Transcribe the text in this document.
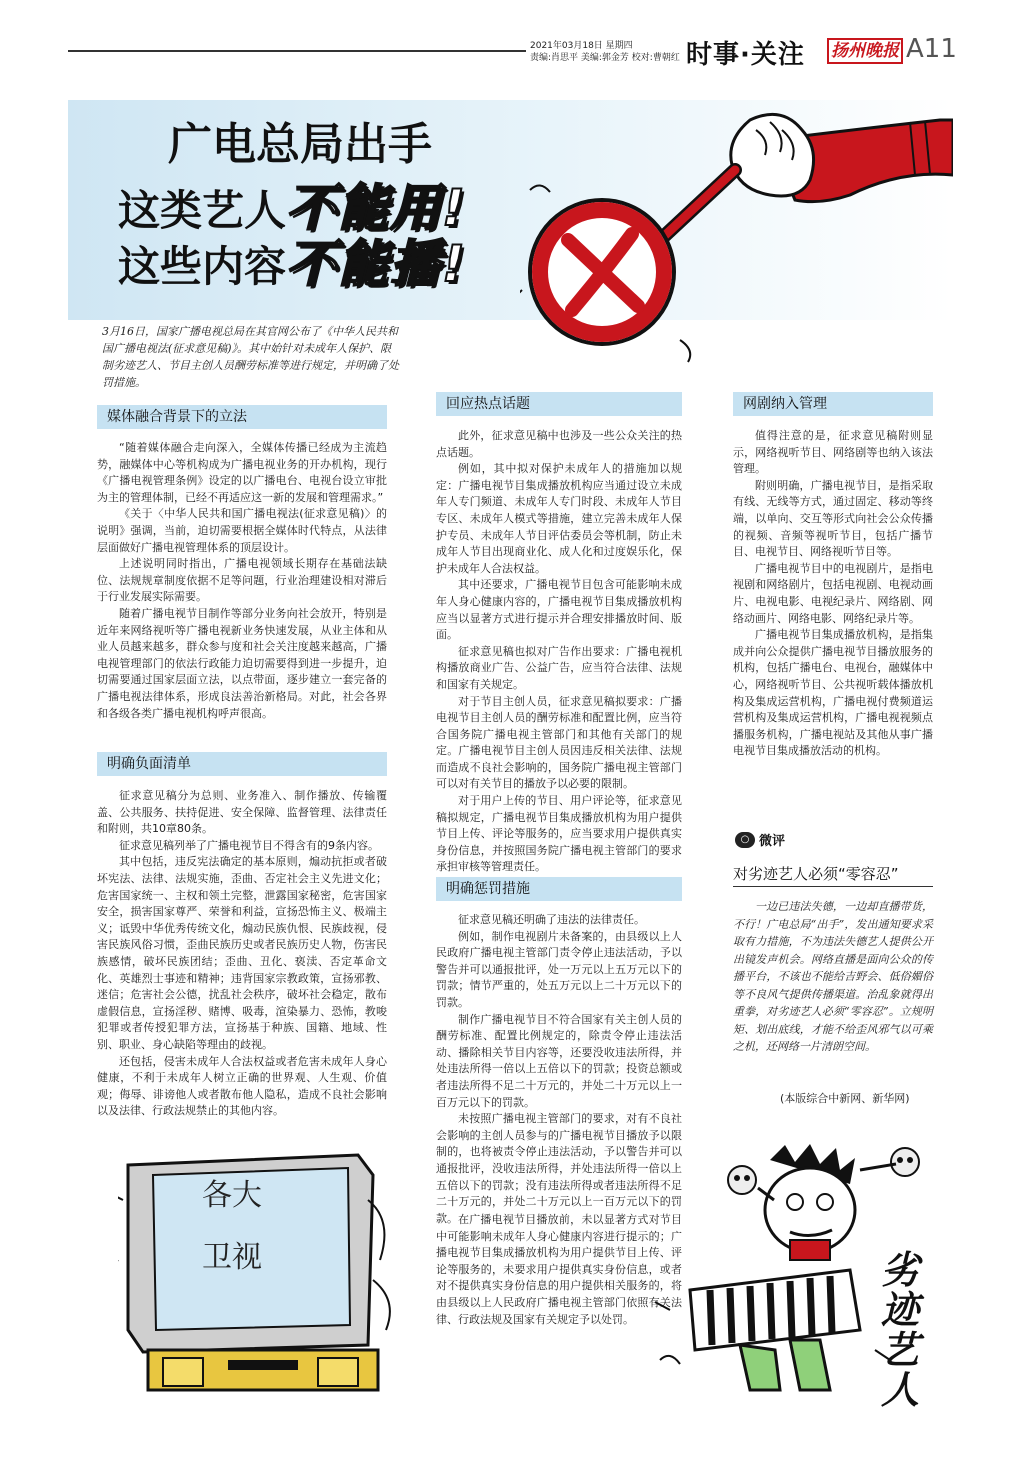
2021年03月18日 星期四
责编:肖思平 美编:郭金芳 校对:曹朝红 时事·关注 扬州晚报 A11
广电总局出手
这类艺人不能用!
这些内容不能播!
3月16日，国家广播电视总局在其官网公布了《中华人民共和国广播电视法(征求意见稿)》。其中始针对未成年人保护、限制劣迹艺人、节目主创人员酬劳标准等进行规定，并明确了处罚措施。
媒体融合背景下的立法

“随着媒体融合走向深入，全媒体传播已经成为主流趋势，融媒体中心等机构成为广播电视业务的开办机构，现行《广播电视管理条例》设定的以广播电台、电视台设立审批为主的管理体制，已经不再适应这一新的发展和管理需求。”

《关于〈中华人民共和国广播电视法(征求意见稿)〉的说明》强调，当前，迫切需要根据全媒体时代特点，从法律层面做好广播电视管理体系的顶层设计。

上述说明同时指出，广播电视领域长期存在基础法缺位、法规规章制度依据不足等问题，行业治理建设相对滞后于行业发展实际需要。

随着广播电视节目制作等部分业务向社会放开，特别是近年来网络视听等广播电视新业务快速发展，从业主体和从业人员越来越多，群众参与度和社会关注度越来越高，广播电视管理部门的依法行政能力迫切需要得到进一步提升，迫切需要通过国家层面立法，以点带面，逐步建立一套完备的广播电视法律体系，形成良法善治新格局。对此，社会各界和各级各类广播电视机构呼声很高。

明确负面清单

征求意见稿分为总则、业务准入、制作播放、传输覆盖、公共服务、扶持促进、安全保障、监督管理、法律责任和附则，共10章80条。

征求意见稿列举了广播电视节目不得含有的9条内容。

其中包括，违反宪法确定的基本原则，煽动抗拒或者破坏宪法、法律、法规实施，歪曲、否定社会主义先进文化；危害国家统一、主权和领土完整，泄露国家秘密，危害国家安全，损害国家尊严、荣誉和利益，宣扬恐怖主义、极端主义；诋毁中华优秀传统文化，煽动民族仇恨、民族歧视，侵害民族风俗习惯，歪曲民族历史或者民族历史人物，伤害民族感情，破坏民族团结；歪曲、丑化、亵渎、否定革命文化、英雄烈士事迹和精神；违背国家宗教政策，宣扬邪教、迷信；危害社会公德，扰乱社会秩序，破坏社会稳定，散布虚假信息，宣扬淫秽、赌博、吸毒，渲染暴力、恐怖，教唆犯罪或者传授犯罪方法，宣扬基于种族、国籍、地域、性别、职业、身心缺陷等理由的歧视。

还包括，侵害未成年人合法权益或者危害未成年人身心健康，不利于未成年人树立正确的世界观、人生观、价值观；侮辱、诽谤他人或者散布他人隐私，造成不良社会影响以及法律、行政法规禁止的其他内容。

回应热点话题

此外，征求意见稿中也涉及一些公众关注的热点话题。

例如，其中拟对保护未成年人的措施加以规定：广播电视节目集成播放机构应当通过设立未成年人专门频道、未成年人专门时段、未成年人节目专区、未成年人模式等措施，建立完善未成年人保护专员、未成年人节目评估委员会等机制，防止未成年人节目出现商业化、成人化和过度娱乐化，保护未成年人合法权益。

其中还要求，广播电视节目包含可能影响未成年人身心健康内容的，广播电视节目集成播放机构应当以显著方式进行提示并合理安排播放时间、版面。

征求意见稿也拟对广告作出要求：广播电视机构播放商业广告、公益广告，应当符合法律、法规和国家有关规定。

对于节目主创人员，征求意见稿拟要求：广播电视节目主创人员的酬劳标准和配置比例，应当符合国务院广播电视主管部门和其他有关部门的规定。广播电视节目主创人员因违反相关法律、法规而造成不良社会影响的，国务院广播电视主管部门可以对有关节目的播放予以必要的限制。

对于用户上传的节目、用户评论等，征求意见稿拟规定，广播电视节目集成播放机构为用户提供节目上传、评论等服务的，应当要求用户提供真实身份信息，并按照国务院广播电视主管部门的要求承担审核等管理责任。

明确惩罚措施

征求意见稿还明确了违法的法律责任。

例如，制作电视剧片未备案的，由县级以上人民政府广播电视主管部门责令停止违法活动，予以警告并可以通报批评，处一万元以上五万元以下的罚款；情节严重的，处五万元以上二十万元以下的罚款。

制作广播电视节目不符合国家有关主创人员的酬劳标准、配置比例规定的，除责令停止违法活动、播除相关节目内容等，还要没收违法所得，并处违法所得一倍以上五倍以下的罚款；投资总额或者违法所得不足二十万元的，并处二十万元以上一百万元以下的罚款。

未按照广播电视主管部门的要求，对有不良社会影响的主创人员参与的广播电视节目播放予以限制的，也将被责令停止违法活动，予以警告并可以通报批评，没收违法所得，并处违法所得一倍以上五倍以下的罚款；没有违法所得或者违法所得不足二十万元的，并处二十万元以上一百万元以下的罚款。 在广播电视节目播放前，未以显著方式对节目中可能影响未成年人身心健康内容进行提示的；广播电视节目集成播放机构为用户提供节目上传、评论等服务的，未要求用户提供真实身份信息，或者对不提供真实身份信息的用户提供相关服务的，将由县级以上人民政府广播电视主管部门依照有关法律、行政法规及国家有关规定予以处罚。

网剧纳入管理

值得注意的是，征求意见稿附则显示，网络视听节目、网络剧等也纳入该法管理。

附则明确，广播电视节目，是指采取有线、无线等方式，通过固定、移动等终端，以单向、交互等形式向社会公众传播的视频、音频等视听节目，包括广播节目、电视节目、网络视听节目等。

广播电视节目中的电视剧片，是指电视剧和网络剧片，包括电视剧、电视动画片、电视电影、电视纪录片、网络剧、网络动画片、网络电影、网络纪录片等。

广播电视节目集成播放机构，是指集成并向公众提供广播电视节目播放服务的机构，包括广播电台、电视台，融媒体中心，网络视听节目、公共视听载体播放机构及集成运营机构，广播电视付费频道运营机构及集成运营机构，广播电视视频点播服务机构，广播电视站及其他从事广播电视节目集成播放活动的机构。

○ 微评
对劣迹艺人必须“零容忍”

一边已违法失德，一边却直播带货，不行！广电总局“出手”，发出通知要求采取有力措施，不为违法失德艺人提供公开出镜发声机会。网络直播是面向公众的传播平台，不该也不能给吉野会、低俗媚俗等不良风气提供传播渠道。治乱象就得出重拳，对劣迹艺人必须“零容忍”。立规明矩、划出底线，才能不给歪风邪气以可乘之机，还网络一片清朗空间。

(本版综合中新网、新华网)
各大
卫视	劣迹艺人
